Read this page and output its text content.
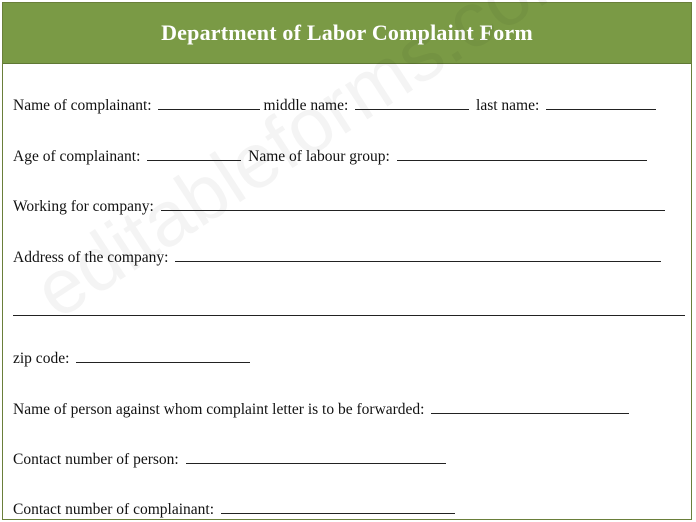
Department of Labor Complaint Form
Name of complainant:	middle name:	last name:
Age of complainant:	Name of labour group:
Working for company:
Address of the company:
zip code:
Name of person against whom complaint letter is to be forwarded:
Contact number of person:
Contact number of complainant:
